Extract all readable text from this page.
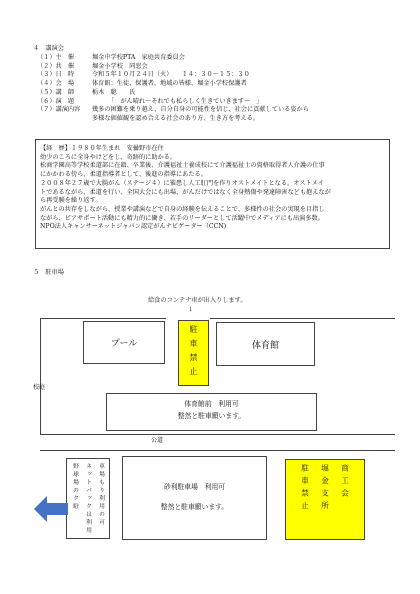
４　講演会
（１）主　催	堀金中学校PTA　家庭共育委員会
（２）共　催	堀金小学校　同窓会
（３）日　時	令和５年１０月２４日（火）　　１４：３０～１５：３０
（４）会　場	体育館：生徒、保護者、地域の皆様、堀金小学校保護者
（５）講　師	栃木　聡　　氏
（６）演　題	「　がん晴れ～それでも私らしく生きていきます～　」
（７）講演内容	幾多の困難を乗り越え、自分自身の可能性を信じ、社会に貢献している姿から
多様な価値観を認め合える社会のあり方、生き方を考える。
【経　歴】１９８０年生まれ　安曇野市在住
幼少のころに全身やけどをし、奇跡的に助かる。
松商学園高等学校柔道部に在籍、卒業後、介護福祉士養成校にて介護福祉士の資格取得者人介護の仕事
にかかわる傍ら、柔道指導者として、後進の指導にあたる。
２００８年２７歳で大腸がん（ステージ４）に罹患し人工肛門を作りオストメイトとなる。オストメイ
トであるながら、柔道を行い、全国大会にも出場、がんだけではなく全身熱傷や発達障害なども抱えなが
ら再受験を繰り返す。
がんとの共存をしながら、授業や講演などで自身の経験を伝えることで、多様性の社会の実現を目指し
ながら、ピアサポート活動にも精力的に働き、若手のリーダーとして活躍中でメディアにも出演多数。
NPO法人キャンサーネットジャパン認定がんナビゲーター（CCN)
５　駐車場
給食のコンテナ車が出入りします。
↓
プール	駐車禁止	体育館
校庭
体育館前　利用可
整然と駐車願います。
公道
車場もり利用の可
ネットバックは利用
野球場のク駐	砂利駐車場　利用可
整然と駐車願います。
商工会
堀金支所
駐車禁止
